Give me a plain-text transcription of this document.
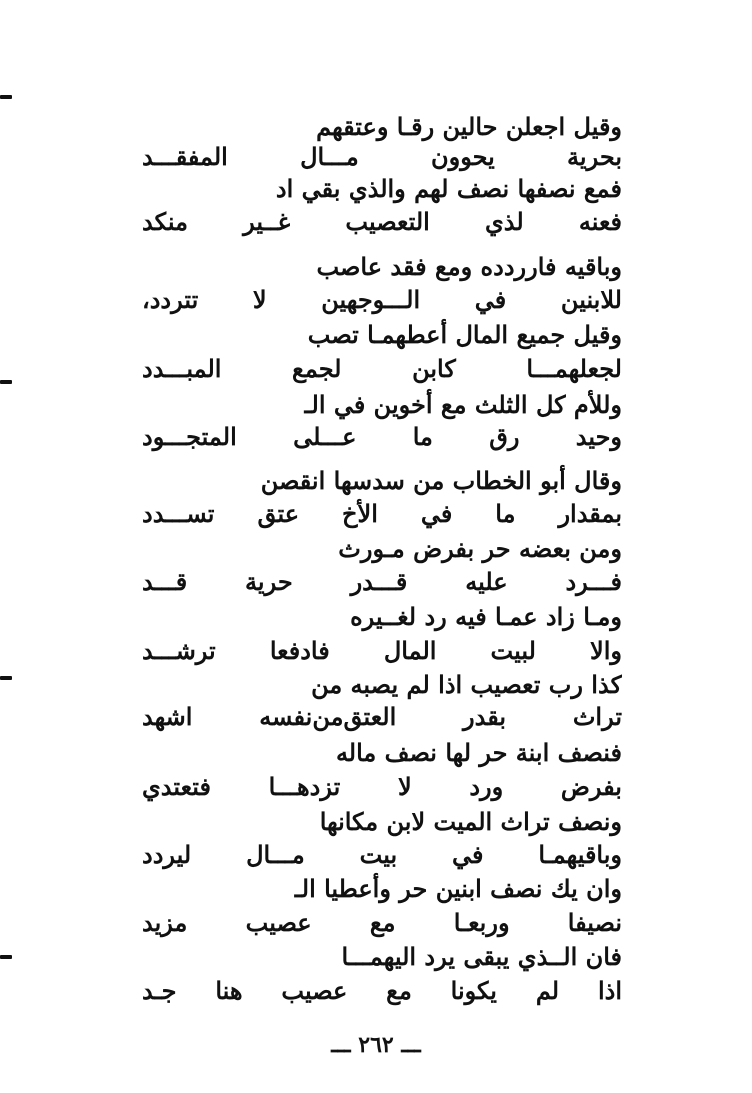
وقيل اجعلن حالين رقـا وعتقهم
بحرية يحوون مـــال المفقـــد
فمع نصفها نصف لهم والذي بقي اد
فعنه لذي التعصيب غــير منكد
وباقيه فارردده ومع فقد عاصب
للابنين في الـــوجهين لا تتردد،
وقيل جميع المال أعطهمـا تصب
لجعلهمـــا كابن لجمع المبـــدد
وللأم كل الثلث مع أخوين في الـ
وحيد رق ما عـــلى المتجـــود
وقال أبو الخطاب من سدسها انقصن
بمقدار ما في الأخ عتق تســـدد
ومن بعضه حر بفرض مـورث
فـــرد عليه قـــدر حرية قـــد
ومـا زاد عمـا فيه رد لغــيره
والا لبيت المال فادفعا ترشـــد
كذا رب تعصيب اذا لم يصبه من
تراث بقدر العتق‌من‌نفسه اشهد
فنصف ابنة حر لها نصف ماله
بفرض ورد لا تزدهـــا فتعتدي
ونصف تراث الميت لابن مكانها
وباقيهمـا في بيت مـــال ليردد
وان يك نصف ابنين حر وأعطيا الـ
نصيفا وربعـا مع عصيب مزيد
فان الــذي يبقى يرد اليهمـــا
اذا لم يكونا مع عصيب هنا جـد
ـــ ٢٦٢ ـــ
